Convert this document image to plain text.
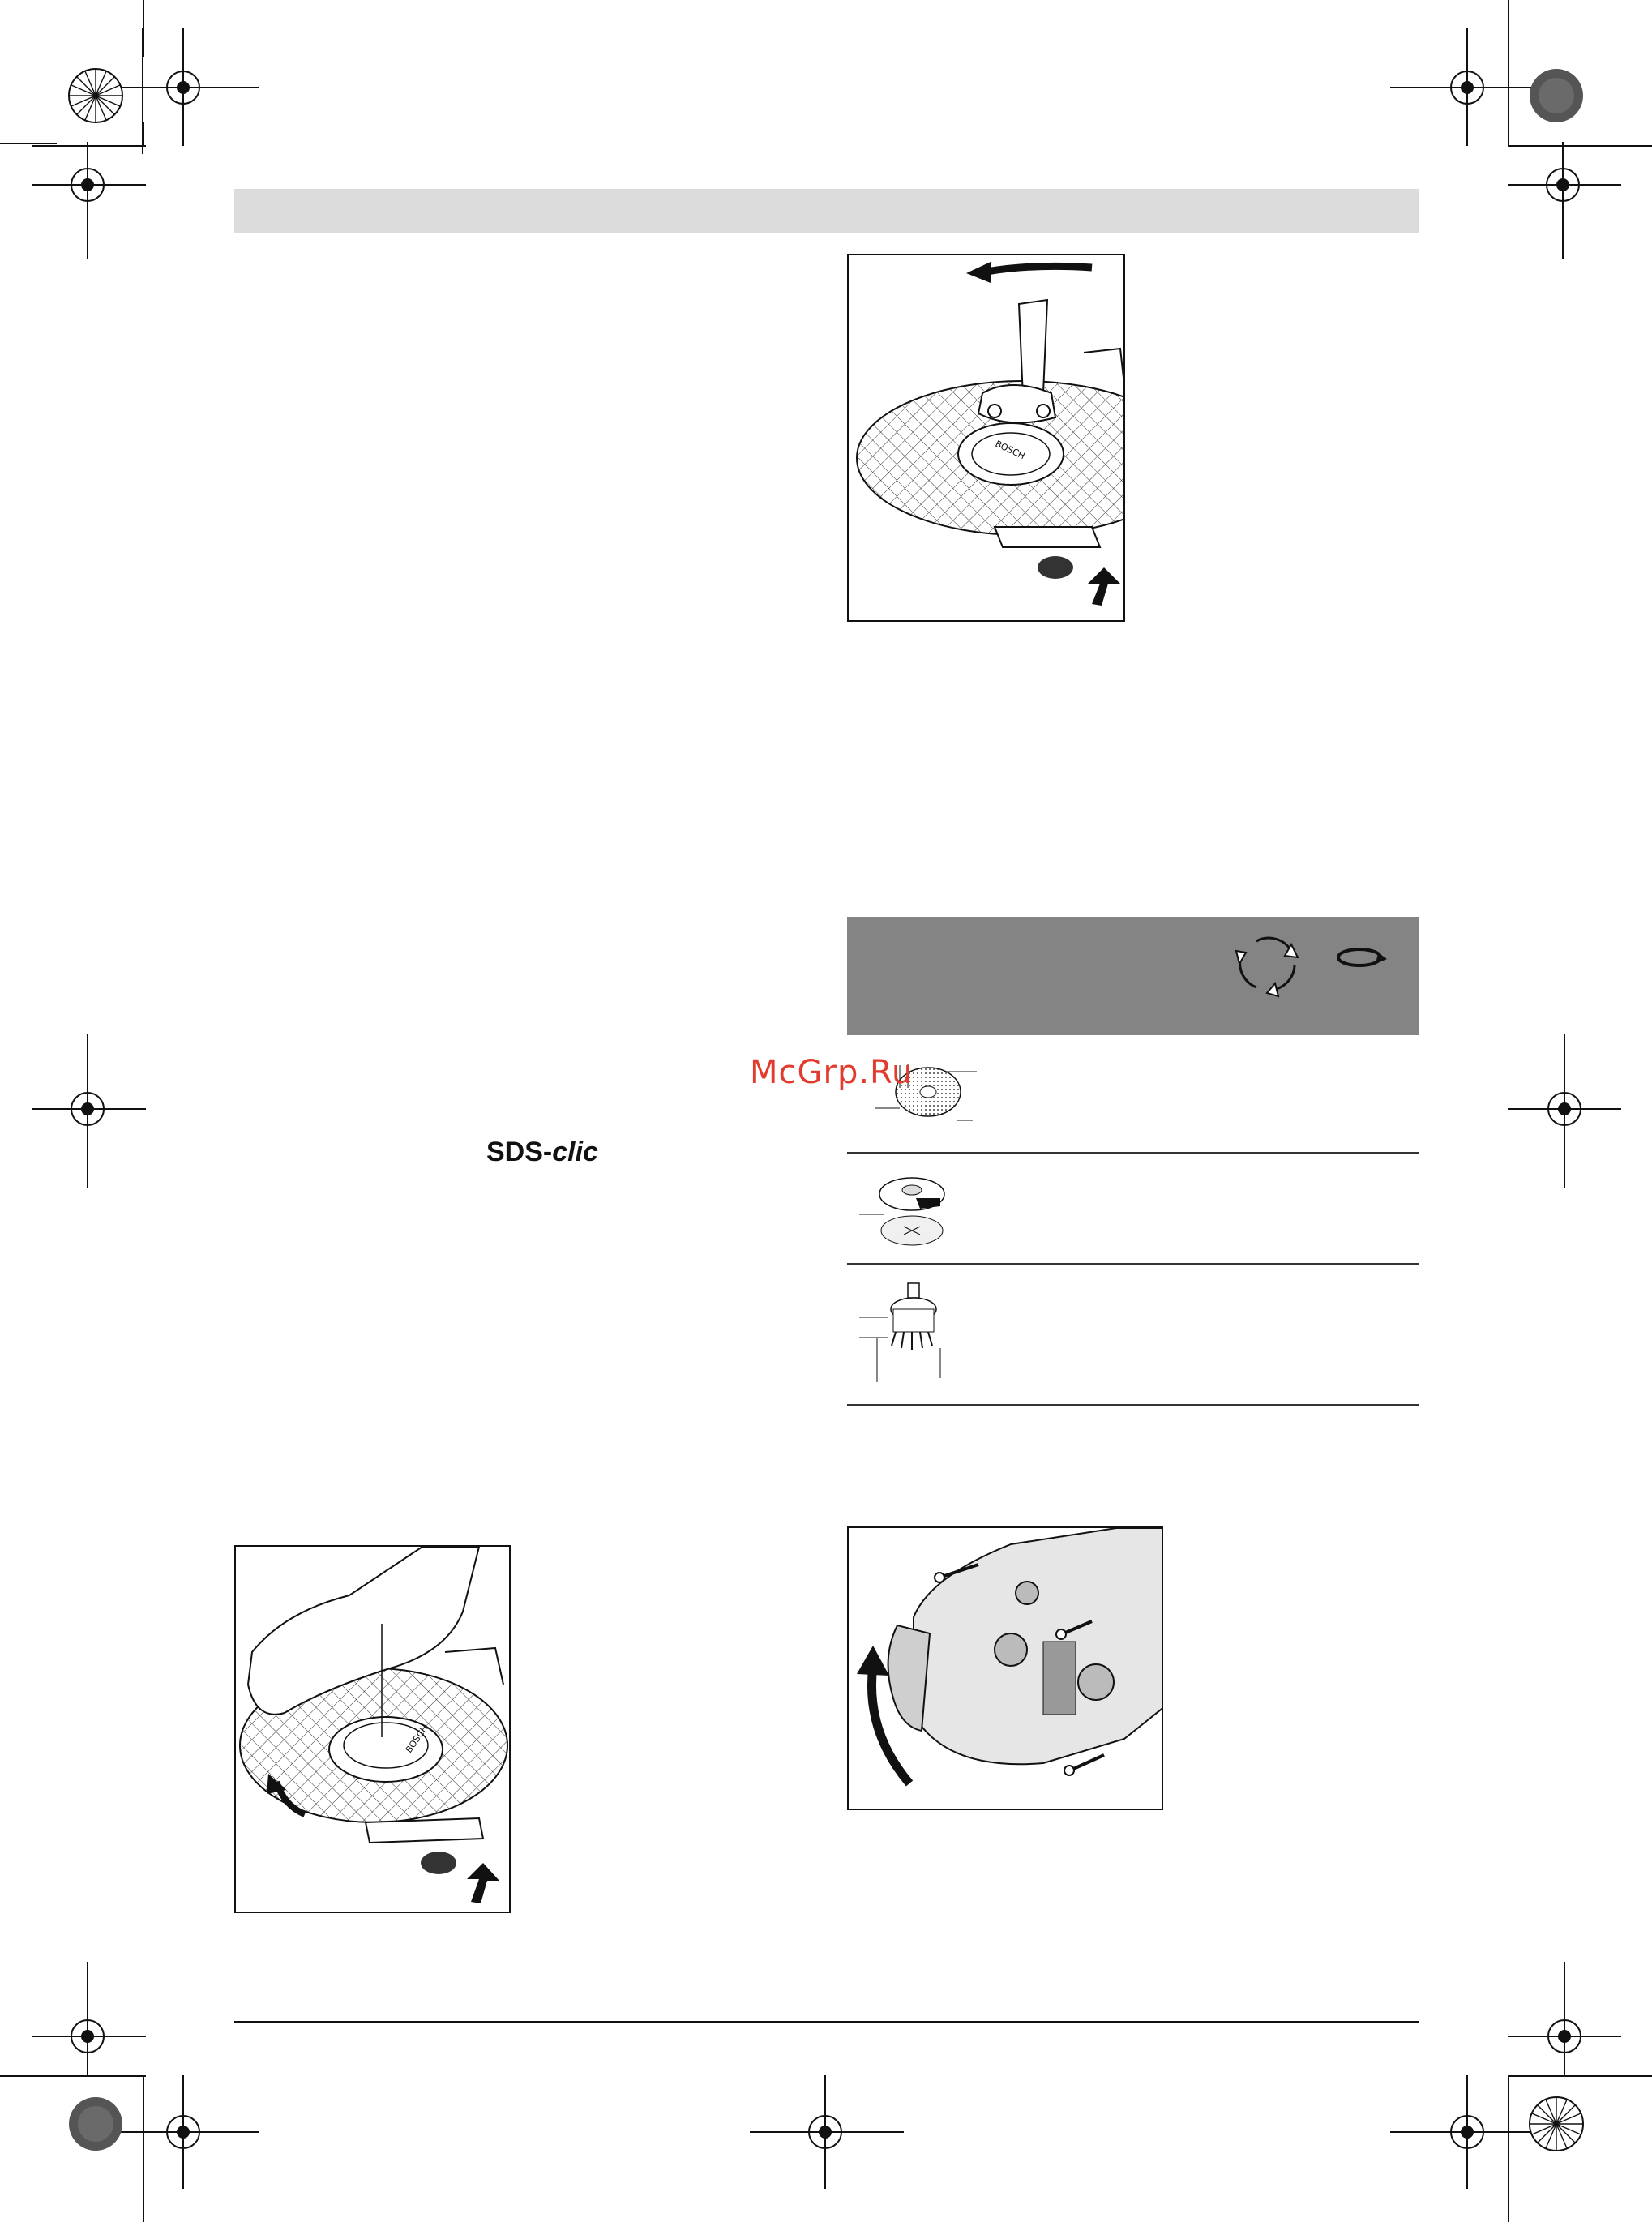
BOSCH
McGrp.Ru
SDS-clic
BOSCH
